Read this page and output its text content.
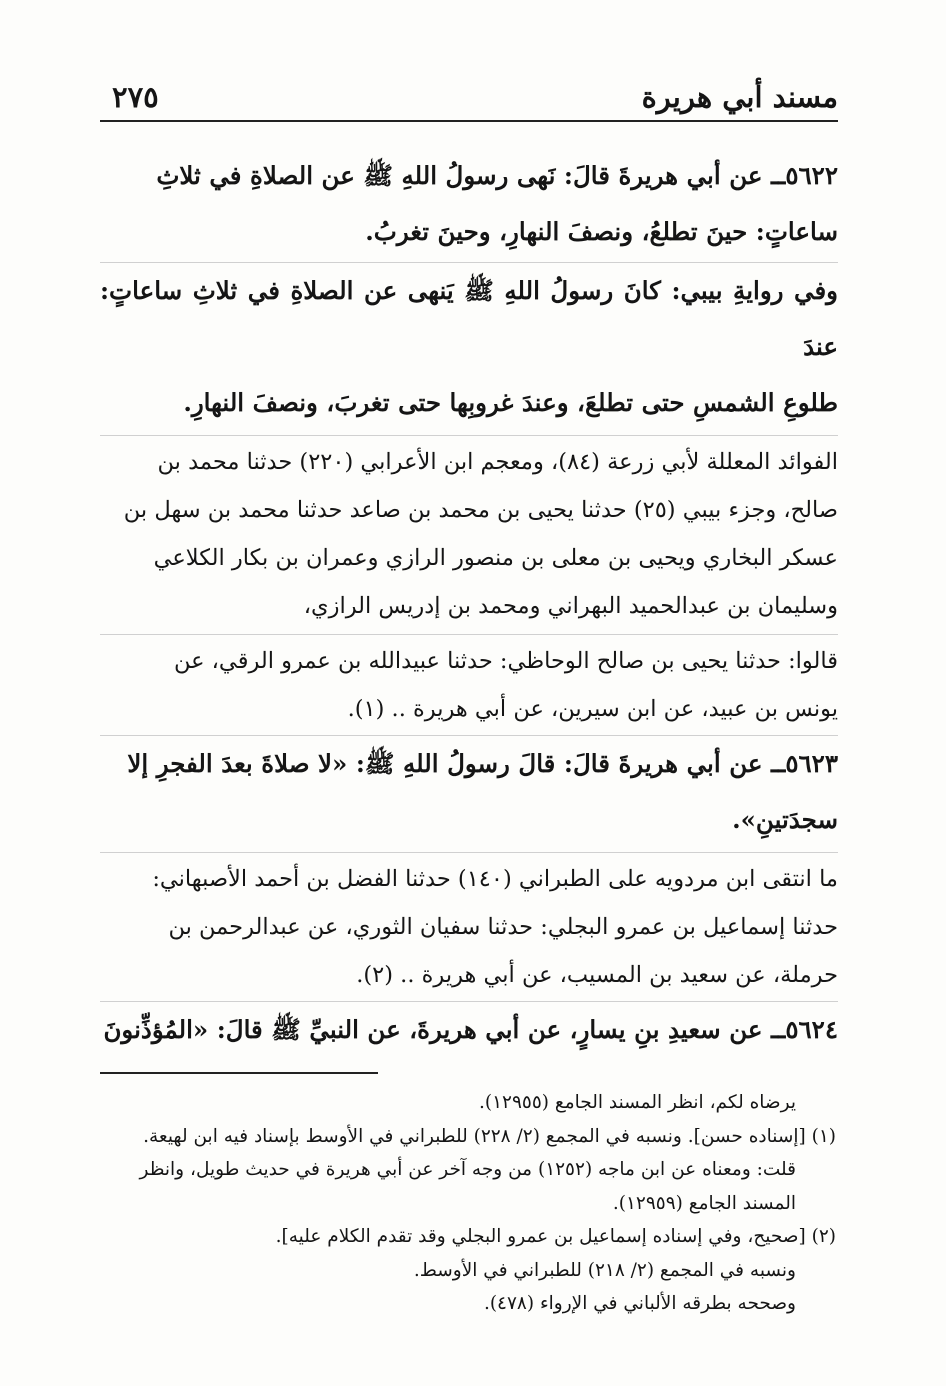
مسند أبي هريرة
٢٧٥

٥٦٢٢ــ عن أبي هريرةَ قالَ: نَهى رسولُ اللهِ ﷺ عن الصلاةِ في ثلاثِ

ساعاتٍ: حينَ تطلعُ، ونصفَ النهارِ، وحينَ تغربُ.

وفي روايةِ بيبي: كانَ رسولُ اللهِ ﷺ يَنهى عن الصلاةِ في ثلاثِ ساعاتٍ: عندَ

طلوعِ الشمسِ حتى تطلعَ، وعندَ غروبِها حتى تغربَ، ونصفَ النهارِ.

الفوائد المعللة لأبي زرعة (٨٤)، ومعجم ابن الأعرابي (٢٢٠) حدثنا محمد بن

صالح، وجزء بيبي (٢٥) حدثنا يحيى بن محمد بن صاعد حدثنا محمد بن سهل بن

عسكر البخاري ويحيى بن معلى بن منصور الرازي وعمران بن بكار الكلاعي

وسليمان بن عبدالحميد البهراني ومحمد بن إدريس الرازي،

قالوا: حدثنا يحيى بن صالح الوحاظي: حدثنا عبيدالله بن عمرو الرقي، عن

يونس بن عبيد، عن ابن سيرين، عن أبي هريرة .. (١).

٥٦٢٣ــ عن أبي هريرةَ قالَ: قالَ رسولُ اللهِ ﷺ: «لا صلاةَ بعدَ الفجرِ إلا

سجدَتينِ».

ما انتقى ابن مردويه على الطبراني (١٤٠) حدثنا الفضل بن أحمد الأصبهاني:

حدثنا إسماعيل بن عمرو البجلي: حدثنا سفيان الثوري، عن عبدالرحمن بن

حرملة، عن سعيد بن المسيب، عن أبي هريرة .. (٢).

٥٦٢٤ــ عن سعيدِ بنِ يسارٍ، عن أبي هريرةَ، عن النبيِّ ﷺ قالَ: «المُؤذِّنونَ

يرضاه لكم، انظر المسند الجامع (١٢٩٥٥).

(١) [إسناده حسن]. ونسبه في المجمع (٢/ ٢٢٨) للطبراني في الأوسط بإسناد فيه ابن لهيعة.

قلت: ومعناه عن ابن ماجه (١٢٥٢) من وجه آخر عن أبي هريرة في حديث طويل، وانظر

المسند الجامع (١٢٩٥٩).

(٢) [صحيح، وفي إسناده إسماعيل بن عمرو البجلي وقد تقدم الكلام عليه].

ونسبه في المجمع (٢/ ٢١٨) للطبراني في الأوسط.

وصححه بطرقه الألباني في الإرواء (٤٧٨).
